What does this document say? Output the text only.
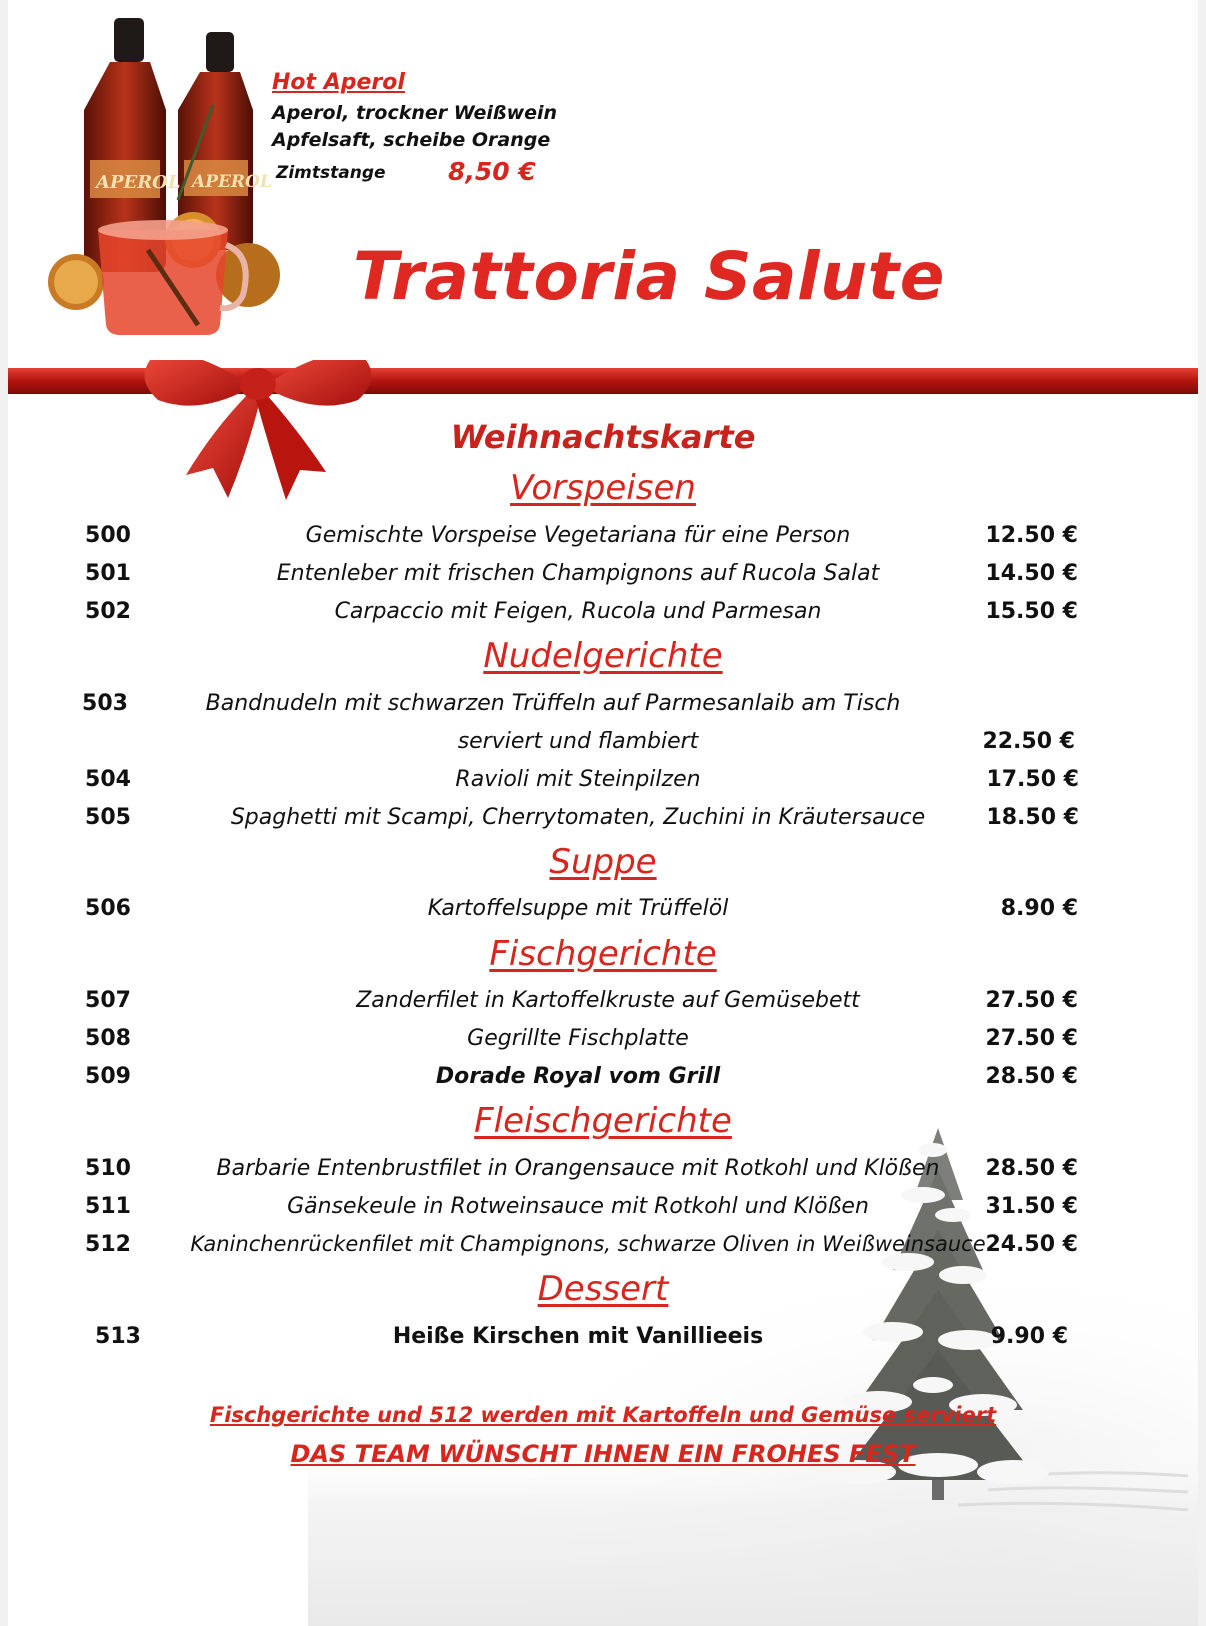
APEROL
APEROL
Hot Aperol
Aperol, trockner Weißwein
Apfelsaft, scheibe Orange
Zimtstange 8,50 €
Trattoria Salute
Weihnachtskarte
Vorspeisen
500	Gemischte Vorspeise Vegetariana für eine Person	12.50 €
501	Entenleber mit frischen Champignons auf Rucola Salat	14.50 €
502	Carpaccio mit Feigen, Rucola und Parmesan	15.50 €
Nudelgerichte
503	Bandnudeln mit schwarzen Trüffeln auf Parmesanlaib am Tisch
serviert und flambiert	22.50 €
504	Ravioli mit Steinpilzen	17.50 €
505	Spaghetti mit Scampi, Cherrytomaten, Zuchini in Kräutersauce	18.50 €
Suppe
506	Kartoffelsuppe mit Trüffelöl	8.90 €
Fischgerichte
507	Zanderfilet in Kartoffelkruste auf Gemüsebett	27.50 €
508	Gegrillte Fischplatte	27.50 €
509	Dorade Royal vom Grill	28.50 €
Fleischgerichte
510	Barbarie Entenbrustfilet in Orangensauce mit Rotkohl und Klößen	28.50 €
511	Gänsekeule in Rotweinsauce mit Rotkohl und Klößen	31.50 €
512	Kaninchenrückenfilet mit Champignons, schwarze Oliven in Weißweinsauce 24.50 €
Dessert
513	Heiße Kirschen mit Vanillieeis	9.90 €
Fischgerichte und 512 werden mit Kartoffeln und Gemüse serviert
DAS TEAM WÜNSCHT IHNEN EIN FROHES FEST
